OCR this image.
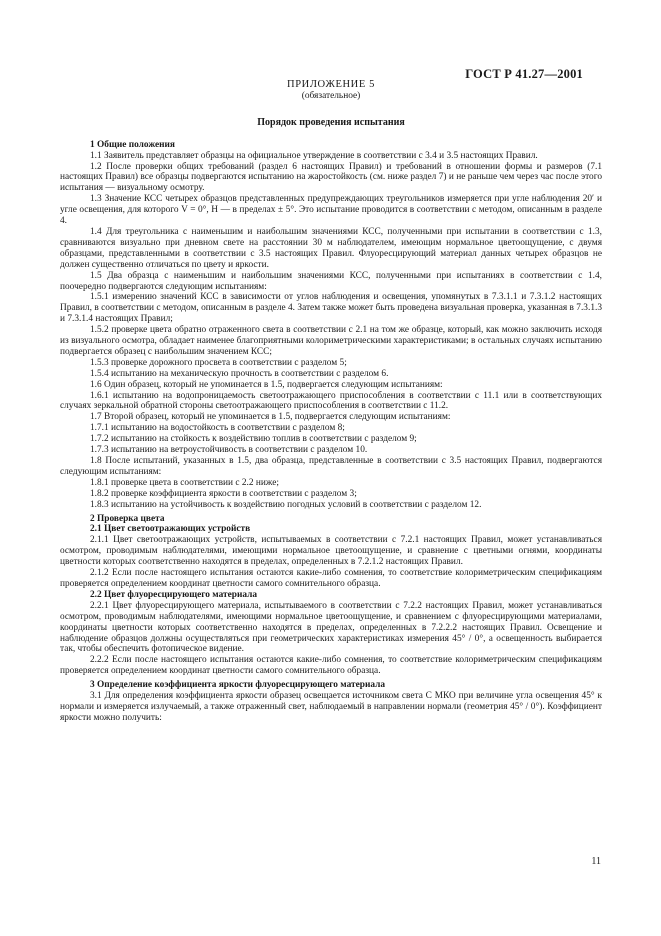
ГОСТ Р 41.27—2001
ПРИЛОЖЕНИЕ 5
(обязательное)
Порядок проведения испытания
1 Общие положения

1.1 Заявитель представляет образцы на официальное утверждение в соответствии с 3.4 и 3.5 настоящих Правил.

1.2 После проверки общих требований (раздел 6 настоящих Правил) и требований в отношении формы и размеров (7.1 настоящих Правил) все образцы подвергаются испытанию на жаростойкость (см. ниже раздел 7) и не раньше чем через час после этого испытания — визуальному осмотру.

1.3 Значение КСС четырех образцов представленных предупреждающих треугольников измеряется при угле наблюдения 20′ и угле освещения, для которого V = 0°, H — в пределах ± 5°. Это испытание проводится в соответствии с методом, описанным в разделе 4.

1.4 Для треугольника с наименьшим и наибольшим значениями КСС, полученными при испытании в соответствии с 1.3, сравниваются визуально при дневном свете на расстоянии 30 м наблюдателем, имеющим нормальное цветоощущение, с двумя образцами, представленными в соответствии с 3.5 настоящих Правил. Флуоресцирующий материал данных четырех образцов не должен существенно отличаться по цвету и яркости.

1.5 Два образца с наименьшим и наибольшим значениями КСС, полученными при испытаниях в соответствии с 1.4, поочередно подвергаются следующим испытаниям:

1.5.1 измерению значений КСС в зависимости от углов наблюдения и освещения, упомянутых в 7.3.1.1 и 7.3.1.2 настоящих Правил, в соответствии с методом, описанным в разделе 4. Затем также может быть проведена визуальная проверка, указанная в 7.3.1.3 и 7.3.1.4 настоящих Правил;

1.5.2 проверке цвета обратно отраженного света в соответствии с 2.1 на том же образце, который, как можно заключить исходя из визуального осмотра, обладает наименее благоприятными колориметрическими характеристиками; в остальных случаях испытанию подвергается образец с наибольшим значением КСС;

1.5.3 проверке дорожного просвета в соответствии с разделом 5;

1.5.4 испытанию на механическую прочность в соответствии с разделом 6.

1.6 Один образец, который не упоминается в 1.5, подвергается следующим испытаниям:

1.6.1 испытанию на водопроницаемость светоотражающего приспособления в соответствии с 11.1 или в соответствующих случаях зеркальной обратной стороны светоотражающего приспособления в соответствии с 11.2.

1.7 Второй образец, который не упоминается в 1.5, подвергается следующим испытаниям:

1.7.1 испытанию на водостойкость в соответствии с разделом 8;

1.7.2 испытанию на стойкость к воздействию топлив в соответствии с разделом 9;

1.7.3 испытанию на ветроустойчивость в соответствии с разделом 10.

1.8 После испытаний, указанных в 1.5, два образца, представленные в соответствии с 3.5 настоящих Правил, подвергаются следующим испытаниям:

1.8.1 проверке цвета в соответствии с 2.2 ниже;

1.8.2 проверке коэффициента яркости в соответствии с разделом 3;

1.8.3 испытанию на устойчивость к воздействию погодных условий в соответствии с разделом 12.

2 Проверка цвета
2.1 Цвет светоотражающих устройств

2.1.1 Цвет светоотражающих устройств, испытываемых в соответствии с 7.2.1 настоящих Правил, может устанавливаться осмотром, проводимым наблюдателями, имеющими нормальное цветоощущение, и сравнение с цветными огнями, координаты цветности которых соответственно находятся в пределах, определенных в 7.2.1.2 настоящих Правил.

2.1.2 Если после настоящего испытания остаются какие-либо сомнения, то соответствие колориметрическим спецификациям проверяется определением координат цветности самого сомнительного образца.

2.2 Цвет флуоресцирующего материала

2.2.1 Цвет флуоресцирующего материала, испытываемого в соответствии с 7.2.2 настоящих Правил, может устанавливаться осмотром, проводимым наблюдателями, имеющими нормальное цветоощущение, и сравнением с флуоресцирующими материалами, координаты цветности которых соответственно находятся в пределах, определенных в 7.2.2.2 настоящих Правил. Освещение и наблюдение образцов должны осуществляться при геометрических характеристиках измерения 45° / 0°, а освещенность выбирается так, чтобы обеспечить фотопическое видение.

2.2.2 Если после настоящего испытания остаются какие-либо сомнения, то соответствие колориметрическим спецификациям проверяется определением координат цветности самого сомнительного образца.

3 Определение коэффициента яркости флуоресцирующего материала

3.1 Для определения коэффициента яркости образец освещается источником света C МКО при величине угла освещения 45° к нормали и измеряется излучаемый, а также отраженный свет, наблюдаемый в направлении нормали (геометрия 45° / 0°). Коэффициент яркости можно получить:

11
